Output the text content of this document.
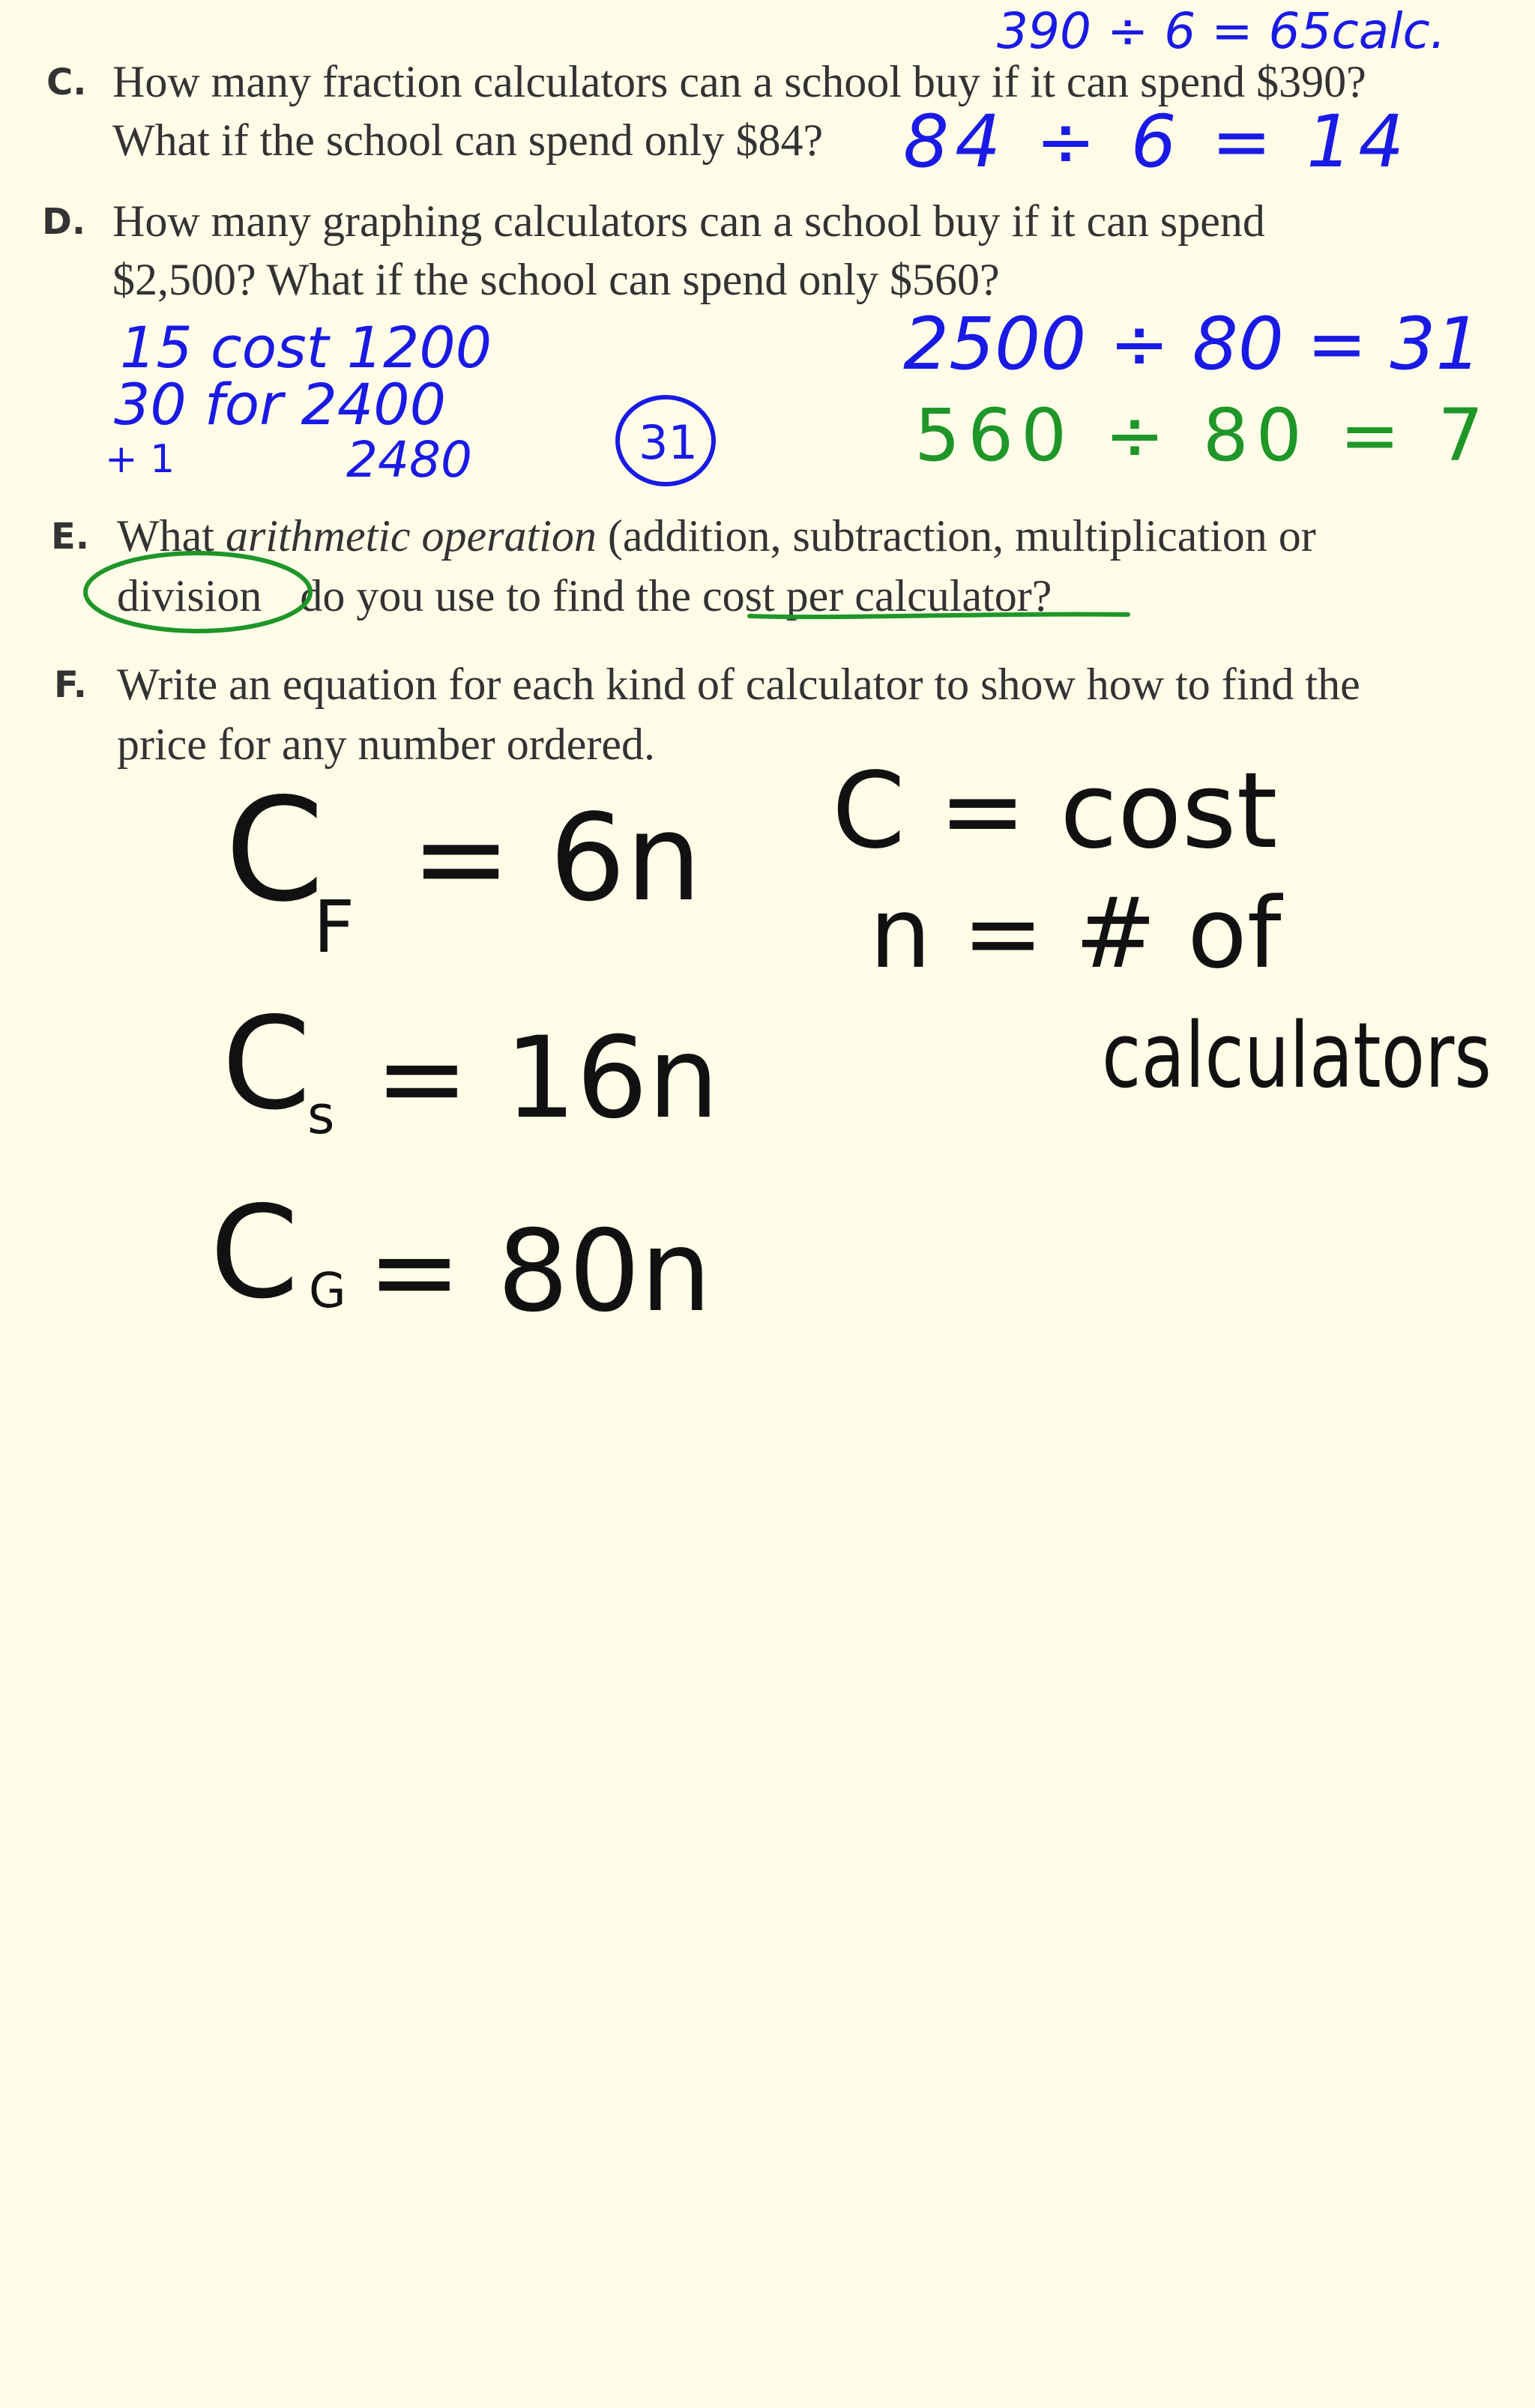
C. How many fraction calculators can a school buy if it can spend $390?
What if the school can spend only $84?
D. How many graphing calculators can a school buy if it can spend
$2,500? What if the school can spend only $560?
E. What arithmetic operation (addition, subtraction, multiplication or
division do you use to find the cost per calculator?
F. Write an equation for each kind of calculator to show how to find the
price for any number ordered.
390 ÷ 6 = 65calc.
84 ÷ 6 = 14
15 cost 1200
30 for 2400
+ 1	2480	31
2500 ÷ 80 = 31
560 ÷ 80 = 7
C
F = 6n
C
s = 16n
C G = 80n
C = cost
n = # of
calculators
